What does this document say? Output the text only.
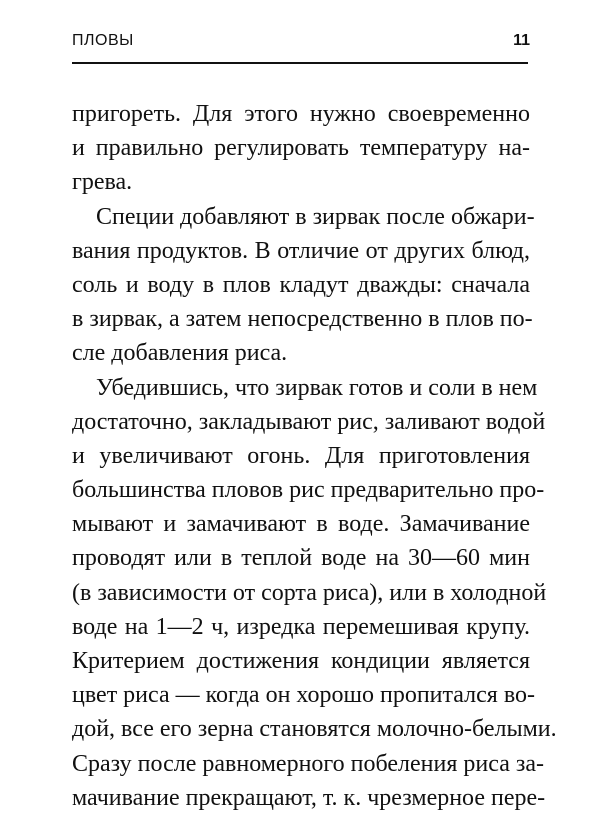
ПЛОВЫ	11
пригореть. Для этого нужно своевременно
и правильно регулировать температуру на-
грева.
Специи добавляют в зирвак после обжари-
вания продуктов. В отличие от других блюд,
соль и воду в плов кладут дважды: сначала
в зирвак, а затем непосредственно в плов по-
сле добавления риса.
Убедившись, что зирвак готов и соли в нем
достаточно, закладывают рис, заливают водой
и увеличивают огонь. Для приготовления
большинства пловов рис предварительно про-
мывают и замачивают в воде. Замачивание
проводят или в теплой воде на 30—60 мин
(в зависимости от сорта риса), или в холодной
воде на 1—2 ч, изредка перемешивая крупу.
Критерием достижения кондиции является
цвет риса — когда он хорошо пропитался во-
дой, все его зерна становятся молочно-белыми.
Сразу после равномерного побеления риса за-
мачивание прекращают, т. к. чрезмерное пере-
